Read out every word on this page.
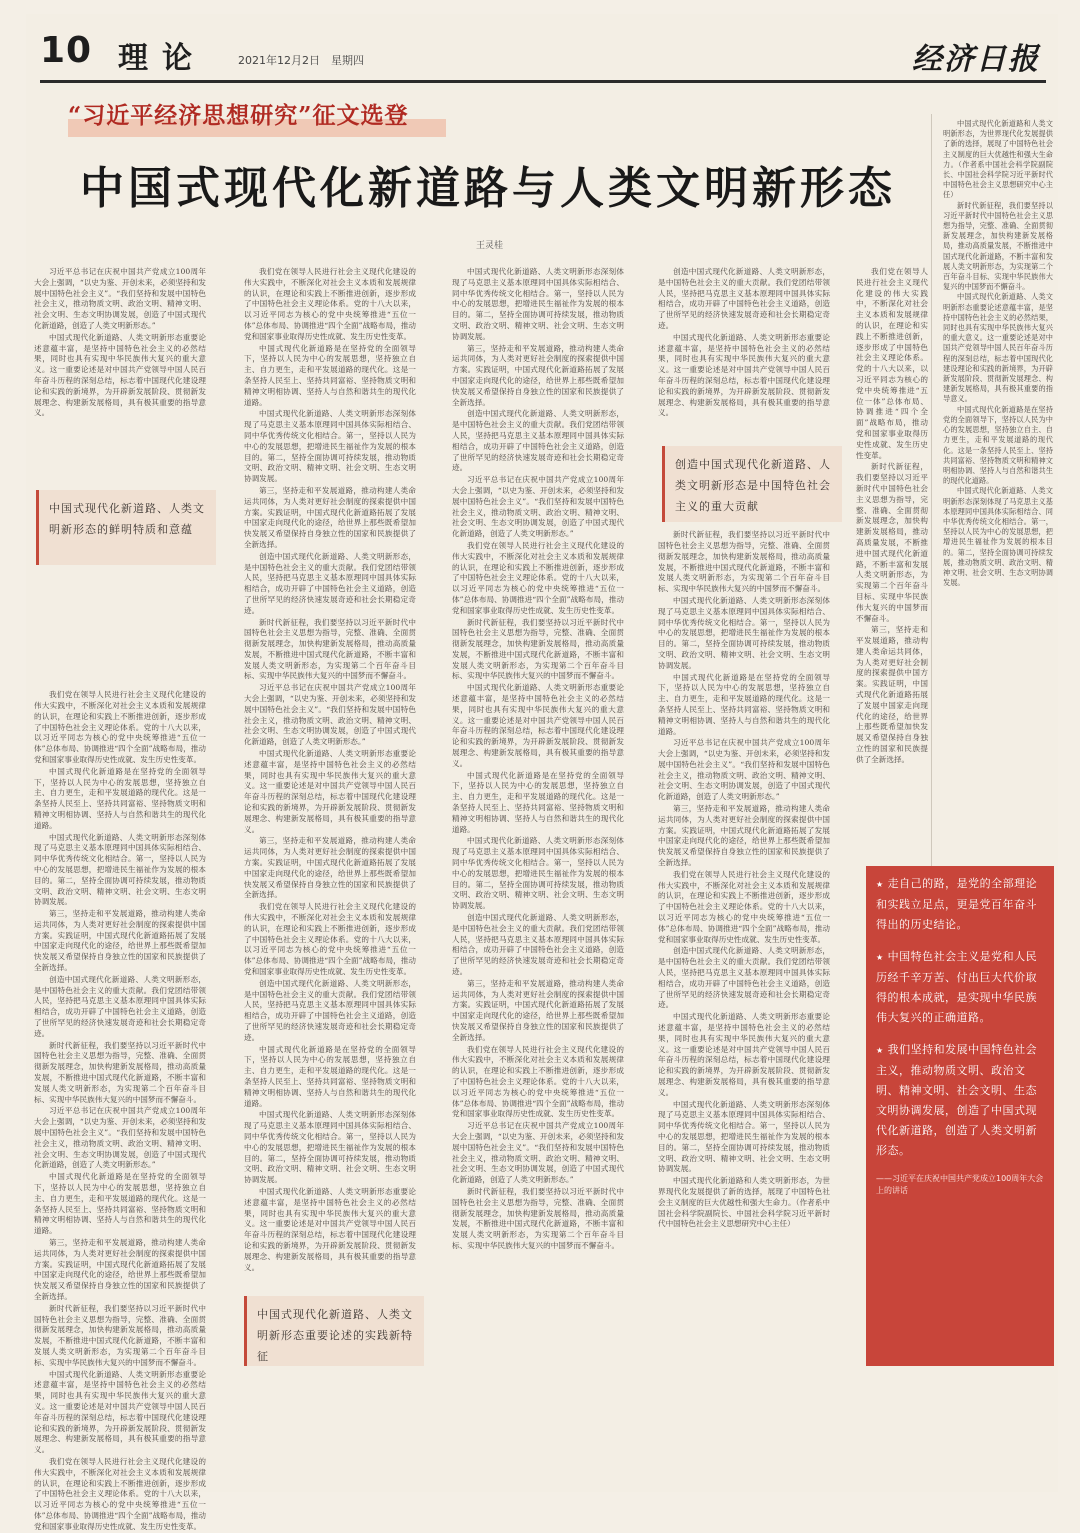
10 理论	2021年12月2日　 星期四	经济日报
“习近平经济思想研究”征文选登
中国式现代化新道路与人类文明新形态
王灵桂

中国式现代化新道路和人类文明新形态，为世界现代化发展提供了新的选择，展现了中国特色社会主义制度的巨大优越性和强大生命力。（作者系中国社会科学院副院长、中国社会科学院习近平新时代中国特色社会主义思想研究中心主任）

新时代新征程，我们要坚持以习近平新时代中国特色社会主义思想为指导，完整、准确、全面贯彻新发展理念，加快构建新发展格局，推动高质量发展，不断推进中国式现代化新道路，不断丰富和发展人类文明新形态，为实现第二个百年奋斗目标、实现中华民族伟大复兴的中国梦而不懈奋斗。

中国式现代化新道路、人类文明新形态重要论述意蕴丰富，是坚持中国特色社会主义的必然结果，同时也具有实现中华民族伟大复兴的重大意义。这一重要论述是对中国共产党领导中国人民百年奋斗历程的深刻总结，标志着中国现代化建设理论和实践的新境界，为开辟新发展阶段、贯彻新发展理念、构建新发展格局，具有极其重要的指导意义。

中国式现代化新道路是在坚持党的全面领导下，坚持以人民为中心的发展思想，坚持独立自主、自力更生，走和平发展道路的现代化。这是一条坚持人民至上、坚持共同富裕、坚持物质文明和精神文明相协调、坚持人与自然和谐共生的现代化道路。

中国式现代化新道路、人类文明新形态深刻体现了马克思主义基本原理同中国具体实际相结合、同中华优秀传统文化相结合。第一，坚持以人民为中心的发展思想，把增进民生福祉作为发展的根本目的。第二，坚持全面协调可持续发展，推动物质文明、政治文明、精神文明、社会文明、生态文明协调发展。

习近平总书记在庆祝中国共产党成立100周年大会上强调，“以史为鉴、开创未来，必须坚持和发展中国特色社会主义”。“我们坚持和发展中国特色社会主义，推动物质文明、政治文明、精神文明、社会文明、生态文明协调发展，创造了中国式现代化新道路，创造了人类文明新形态。”

中国式现代化新道路、人类文明新形态重要论述意蕴丰富，是坚持中国特色社会主义的必然结果，同时也具有实现中华民族伟大复兴的重大意义。这一重要论述是对中国共产党领导中国人民百年奋斗历程的深刻总结，标志着中国现代化建设理论和实践的新境界，为开辟新发展阶段、贯彻新发展理念、构建新发展格局，具有极其重要的指导意义。

我们党在领导人民进行社会主义现代化建设的伟大实践中，不断深化对社会主义本质和发展规律的认识，在理论和实践上不断推进创新，逐步形成了中国特色社会主义理论体系。党的十八大以来，以习近平同志为核心的党中央统筹推进“五位一体”总体布局、协调推进“四个全面”战略布局，推动党和国家事业取得历史性成就、发生历史性变革。

中国式现代化新道路是在坚持党的全面领导下，坚持以人民为中心的发展思想，坚持独立自主、自力更生，走和平发展道路的现代化。这是一条坚持人民至上、坚持共同富裕、坚持物质文明和精神文明相协调、坚持人与自然和谐共生的现代化道路。

中国式现代化新道路、人类文明新形态深刻体现了马克思主义基本原理同中国具体实际相结合、同中华优秀传统文化相结合。第一，坚持以人民为中心的发展思想，把增进民生福祉作为发展的根本目的。第二，坚持全面协调可持续发展，推动物质文明、政治文明、精神文明、社会文明、生态文明协调发展。

第三，坚持走和平发展道路，推动构建人类命运共同体，为人类对更好社会制度的探索提供中国方案。实践证明，中国式现代化新道路拓展了发展中国家走向现代化的途径，给世界上那些既希望加快发展又希望保持自身独立性的国家和民族提供了全新选择。

创造中国式现代化新道路、人类文明新形态，是中国特色社会主义的重大贡献。我们党团结带领人民，坚持把马克思主义基本原理同中国具体实际相结合，成功开辟了中国特色社会主义道路，创造了世所罕见的经济快速发展奇迹和社会长期稳定奇迹。

新时代新征程，我们要坚持以习近平新时代中国特色社会主义思想为指导，完整、准确、全面贯彻新发展理念，加快构建新发展格局，推动高质量发展，不断推进中国式现代化新道路，不断丰富和发展人类文明新形态，为实现第二个百年奋斗目标、实现中华民族伟大复兴的中国梦而不懈奋斗。

习近平总书记在庆祝中国共产党成立100周年大会上强调，“以史为鉴、开创未来，必须坚持和发展中国特色社会主义”。“我们坚持和发展中国特色社会主义，推动物质文明、政治文明、精神文明、社会文明、生态文明协调发展，创造了中国式现代化新道路，创造了人类文明新形态。”

中国式现代化新道路是在坚持党的全面领导下，坚持以人民为中心的发展思想，坚持独立自主、自力更生，走和平发展道路的现代化。这是一条坚持人民至上、坚持共同富裕、坚持物质文明和精神文明相协调、坚持人与自然和谐共生的现代化道路。

第三，坚持走和平发展道路，推动构建人类命运共同体，为人类对更好社会制度的探索提供中国方案。实践证明，中国式现代化新道路拓展了发展中国家走向现代化的途径，给世界上那些既希望加快发展又希望保持自身独立性的国家和民族提供了全新选择。

新时代新征程，我们要坚持以习近平新时代中国特色社会主义思想为指导，完整、准确、全面贯彻新发展理念，加快构建新发展格局，推动高质量发展，不断推进中国式现代化新道路，不断丰富和发展人类文明新形态，为实现第二个百年奋斗目标、实现中华民族伟大复兴的中国梦而不懈奋斗。

中国式现代化新道路、人类文明新形态重要论述意蕴丰富，是坚持中国特色社会主义的必然结果，同时也具有实现中华民族伟大复兴的重大意义。这一重要论述是对中国共产党领导中国人民百年奋斗历程的深刻总结，标志着中国现代化建设理论和实践的新境界，为开辟新发展阶段、贯彻新发展理念、构建新发展格局，具有极其重要的指导意义。

我们党在领导人民进行社会主义现代化建设的伟大实践中，不断深化对社会主义本质和发展规律的认识，在理论和实践上不断推进创新，逐步形成了中国特色社会主义理论体系。党的十八大以来，以习近平同志为核心的党中央统筹推进“五位一体”总体布局、协调推进“四个全面”战略布局，推动党和国家事业取得历史性成就、发生历史性变革。

我们党在领导人民进行社会主义现代化建设的伟大实践中，不断深化对社会主义本质和发展规律的认识，在理论和实践上不断推进创新，逐步形成了中国特色社会主义理论体系。党的十八大以来，以习近平同志为核心的党中央统筹推进“五位一体”总体布局、协调推进“四个全面”战略布局，推动党和国家事业取得历史性成就、发生历史性变革。

中国式现代化新道路是在坚持党的全面领导下，坚持以人民为中心的发展思想，坚持独立自主、自力更生，走和平发展道路的现代化。这是一条坚持人民至上、坚持共同富裕、坚持物质文明和精神文明相协调、坚持人与自然和谐共生的现代化道路。

中国式现代化新道路、人类文明新形态深刻体现了马克思主义基本原理同中国具体实际相结合、同中华优秀传统文化相结合。第一，坚持以人民为中心的发展思想，把增进民生福祉作为发展的根本目的。第二，坚持全面协调可持续发展，推动物质文明、政治文明、精神文明、社会文明、生态文明协调发展。

第三，坚持走和平发展道路，推动构建人类命运共同体，为人类对更好社会制度的探索提供中国方案。实践证明，中国式现代化新道路拓展了发展中国家走向现代化的途径，给世界上那些既希望加快发展又希望保持自身独立性的国家和民族提供了全新选择。

创造中国式现代化新道路、人类文明新形态，是中国特色社会主义的重大贡献。我们党团结带领人民，坚持把马克思主义基本原理同中国具体实际相结合，成功开辟了中国特色社会主义道路，创造了世所罕见的经济快速发展奇迹和社会长期稳定奇迹。

新时代新征程，我们要坚持以习近平新时代中国特色社会主义思想为指导，完整、准确、全面贯彻新发展理念，加快构建新发展格局，推动高质量发展，不断推进中国式现代化新道路，不断丰富和发展人类文明新形态，为实现第二个百年奋斗目标、实现中华民族伟大复兴的中国梦而不懈奋斗。

习近平总书记在庆祝中国共产党成立100周年大会上强调，“以史为鉴、开创未来，必须坚持和发展中国特色社会主义”。“我们坚持和发展中国特色社会主义，推动物质文明、政治文明、精神文明、社会文明、生态文明协调发展，创造了中国式现代化新道路，创造了人类文明新形态。”

中国式现代化新道路、人类文明新形态重要论述意蕴丰富，是坚持中国特色社会主义的必然结果，同时也具有实现中华民族伟大复兴的重大意义。这一重要论述是对中国共产党领导中国人民百年奋斗历程的深刻总结，标志着中国现代化建设理论和实践的新境界，为开辟新发展阶段、贯彻新发展理念、构建新发展格局，具有极其重要的指导意义。

第三，坚持走和平发展道路，推动构建人类命运共同体，为人类对更好社会制度的探索提供中国方案。实践证明，中国式现代化新道路拓展了发展中国家走向现代化的途径，给世界上那些既希望加快发展又希望保持自身独立性的国家和民族提供了全新选择。

我们党在领导人民进行社会主义现代化建设的伟大实践中，不断深化对社会主义本质和发展规律的认识，在理论和实践上不断推进创新，逐步形成了中国特色社会主义理论体系。党的十八大以来，以习近平同志为核心的党中央统筹推进“五位一体”总体布局、协调推进“四个全面”战略布局，推动党和国家事业取得历史性成就、发生历史性变革。

创造中国式现代化新道路、人类文明新形态，是中国特色社会主义的重大贡献。我们党团结带领人民，坚持把马克思主义基本原理同中国具体实际相结合，成功开辟了中国特色社会主义道路，创造了世所罕见的经济快速发展奇迹和社会长期稳定奇迹。

中国式现代化新道路是在坚持党的全面领导下，坚持以人民为中心的发展思想，坚持独立自主、自力更生，走和平发展道路的现代化。这是一条坚持人民至上、坚持共同富裕、坚持物质文明和精神文明相协调、坚持人与自然和谐共生的现代化道路。

中国式现代化新道路、人类文明新形态深刻体现了马克思主义基本原理同中国具体实际相结合、同中华优秀传统文化相结合。第一，坚持以人民为中心的发展思想，把增进民生福祉作为发展的根本目的。第二，坚持全面协调可持续发展，推动物质文明、政治文明、精神文明、社会文明、生态文明协调发展。

中国式现代化新道路、人类文明新形态重要论述意蕴丰富，是坚持中国特色社会主义的必然结果，同时也具有实现中华民族伟大复兴的重大意义。这一重要论述是对中国共产党领导中国人民百年奋斗历程的深刻总结，标志着中国现代化建设理论和实践的新境界，为开辟新发展阶段、贯彻新发展理念、构建新发展格局，具有极其重要的指导意义。

中国式现代化新道路、人类文明新形态深刻体现了马克思主义基本原理同中国具体实际相结合、同中华优秀传统文化相结合。第一，坚持以人民为中心的发展思想，把增进民生福祉作为发展的根本目的。第二，坚持全面协调可持续发展，推动物质文明、政治文明、精神文明、社会文明、生态文明协调发展。

第三，坚持走和平发展道路，推动构建人类命运共同体，为人类对更好社会制度的探索提供中国方案。实践证明，中国式现代化新道路拓展了发展中国家走向现代化的途径，给世界上那些既希望加快发展又希望保持自身独立性的国家和民族提供了全新选择。

创造中国式现代化新道路、人类文明新形态，是中国特色社会主义的重大贡献。我们党团结带领人民，坚持把马克思主义基本原理同中国具体实际相结合，成功开辟了中国特色社会主义道路，创造了世所罕见的经济快速发展奇迹和社会长期稳定奇迹。

习近平总书记在庆祝中国共产党成立100周年大会上强调，“以史为鉴、开创未来，必须坚持和发展中国特色社会主义”。“我们坚持和发展中国特色社会主义，推动物质文明、政治文明、精神文明、社会文明、生态文明协调发展，创造了中国式现代化新道路，创造了人类文明新形态。”

我们党在领导人民进行社会主义现代化建设的伟大实践中，不断深化对社会主义本质和发展规律的认识，在理论和实践上不断推进创新，逐步形成了中国特色社会主义理论体系。党的十八大以来，以习近平同志为核心的党中央统筹推进“五位一体”总体布局、协调推进“四个全面”战略布局，推动党和国家事业取得历史性成就、发生历史性变革。

新时代新征程，我们要坚持以习近平新时代中国特色社会主义思想为指导，完整、准确、全面贯彻新发展理念，加快构建新发展格局，推动高质量发展，不断推进中国式现代化新道路，不断丰富和发展人类文明新形态，为实现第二个百年奋斗目标、实现中华民族伟大复兴的中国梦而不懈奋斗。

中国式现代化新道路、人类文明新形态重要论述意蕴丰富，是坚持中国特色社会主义的必然结果，同时也具有实现中华民族伟大复兴的重大意义。这一重要论述是对中国共产党领导中国人民百年奋斗历程的深刻总结，标志着中国现代化建设理论和实践的新境界，为开辟新发展阶段、贯彻新发展理念、构建新发展格局，具有极其重要的指导意义。

中国式现代化新道路是在坚持党的全面领导下，坚持以人民为中心的发展思想，坚持独立自主、自力更生，走和平发展道路的现代化。这是一条坚持人民至上、坚持共同富裕、坚持物质文明和精神文明相协调、坚持人与自然和谐共生的现代化道路。

中国式现代化新道路、人类文明新形态深刻体现了马克思主义基本原理同中国具体实际相结合、同中华优秀传统文化相结合。第一，坚持以人民为中心的发展思想，把增进民生福祉作为发展的根本目的。第二，坚持全面协调可持续发展，推动物质文明、政治文明、精神文明、社会文明、生态文明协调发展。

创造中国式现代化新道路、人类文明新形态，是中国特色社会主义的重大贡献。我们党团结带领人民，坚持把马克思主义基本原理同中国具体实际相结合，成功开辟了中国特色社会主义道路，创造了世所罕见的经济快速发展奇迹和社会长期稳定奇迹。

第三，坚持走和平发展道路，推动构建人类命运共同体，为人类对更好社会制度的探索提供中国方案。实践证明，中国式现代化新道路拓展了发展中国家走向现代化的途径，给世界上那些既希望加快发展又希望保持自身独立性的国家和民族提供了全新选择。

我们党在领导人民进行社会主义现代化建设的伟大实践中，不断深化对社会主义本质和发展规律的认识，在理论和实践上不断推进创新，逐步形成了中国特色社会主义理论体系。党的十八大以来，以习近平同志为核心的党中央统筹推进“五位一体”总体布局、协调推进“四个全面”战略布局，推动党和国家事业取得历史性成就、发生历史性变革。

习近平总书记在庆祝中国共产党成立100周年大会上强调，“以史为鉴、开创未来，必须坚持和发展中国特色社会主义”。“我们坚持和发展中国特色社会主义，推动物质文明、政治文明、精神文明、社会文明、生态文明协调发展，创造了中国式现代化新道路，创造了人类文明新形态。”

新时代新征程，我们要坚持以习近平新时代中国特色社会主义思想为指导，完整、准确、全面贯彻新发展理念，加快构建新发展格局，推动高质量发展，不断推进中国式现代化新道路，不断丰富和发展人类文明新形态，为实现第二个百年奋斗目标、实现中华民族伟大复兴的中国梦而不懈奋斗。

创造中国式现代化新道路、人类文明新形态，是中国特色社会主义的重大贡献。我们党团结带领人民，坚持把马克思主义基本原理同中国具体实际相结合，成功开辟了中国特色社会主义道路，创造了世所罕见的经济快速发展奇迹和社会长期稳定奇迹。

中国式现代化新道路、人类文明新形态重要论述意蕴丰富，是坚持中国特色社会主义的必然结果，同时也具有实现中华民族伟大复兴的重大意义。这一重要论述是对中国共产党领导中国人民百年奋斗历程的深刻总结，标志着中国现代化建设理论和实践的新境界，为开辟新发展阶段、贯彻新发展理念、构建新发展格局，具有极其重要的指导意义。

新时代新征程，我们要坚持以习近平新时代中国特色社会主义思想为指导，完整、准确、全面贯彻新发展理念，加快构建新发展格局，推动高质量发展，不断推进中国式现代化新道路，不断丰富和发展人类文明新形态，为实现第二个百年奋斗目标、实现中华民族伟大复兴的中国梦而不懈奋斗。

中国式现代化新道路、人类文明新形态深刻体现了马克思主义基本原理同中国具体实际相结合、同中华优秀传统文化相结合。第一，坚持以人民为中心的发展思想，把增进民生福祉作为发展的根本目的。第二，坚持全面协调可持续发展，推动物质文明、政治文明、精神文明、社会文明、生态文明协调发展。

中国式现代化新道路是在坚持党的全面领导下，坚持以人民为中心的发展思想，坚持独立自主、自力更生，走和平发展道路的现代化。这是一条坚持人民至上、坚持共同富裕、坚持物质文明和精神文明相协调、坚持人与自然和谐共生的现代化道路。

习近平总书记在庆祝中国共产党成立100周年大会上强调，“以史为鉴、开创未来，必须坚持和发展中国特色社会主义”。“我们坚持和发展中国特色社会主义，推动物质文明、政治文明、精神文明、社会文明、生态文明协调发展，创造了中国式现代化新道路，创造了人类文明新形态。”

第三，坚持走和平发展道路，推动构建人类命运共同体，为人类对更好社会制度的探索提供中国方案。实践证明，中国式现代化新道路拓展了发展中国家走向现代化的途径，给世界上那些既希望加快发展又希望保持自身独立性的国家和民族提供了全新选择。

我们党在领导人民进行社会主义现代化建设的伟大实践中，不断深化对社会主义本质和发展规律的认识，在理论和实践上不断推进创新，逐步形成了中国特色社会主义理论体系。党的十八大以来，以习近平同志为核心的党中央统筹推进“五位一体”总体布局、协调推进“四个全面”战略布局，推动党和国家事业取得历史性成就、发生历史性变革。

创造中国式现代化新道路、人类文明新形态，是中国特色社会主义的重大贡献。我们党团结带领人民，坚持把马克思主义基本原理同中国具体实际相结合，成功开辟了中国特色社会主义道路，创造了世所罕见的经济快速发展奇迹和社会长期稳定奇迹。

中国式现代化新道路、人类文明新形态重要论述意蕴丰富，是坚持中国特色社会主义的必然结果，同时也具有实现中华民族伟大复兴的重大意义。这一重要论述是对中国共产党领导中国人民百年奋斗历程的深刻总结，标志着中国现代化建设理论和实践的新境界，为开辟新发展阶段、贯彻新发展理念、构建新发展格局，具有极其重要的指导意义。

中国式现代化新道路、人类文明新形态深刻体现了马克思主义基本原理同中国具体实际相结合、同中华优秀传统文化相结合。第一，坚持以人民为中心的发展思想，把增进民生福祉作为发展的根本目的。第二，坚持全面协调可持续发展，推动物质文明、政治文明、精神文明、社会文明、生态文明协调发展。

中国式现代化新道路和人类文明新形态，为世界现代化发展提供了新的选择，展现了中国特色社会主义制度的巨大优越性和强大生命力。（作者系中国社会科学院副院长、中国社会科学院习近平新时代中国特色社会主义思想研究中心主任）

我们党在领导人民进行社会主义现代化建设的伟大实践中，不断深化对社会主义本质和发展规律的认识，在理论和实践上不断推进创新，逐步形成了中国特色社会主义理论体系。党的十八大以来，以习近平同志为核心的党中央统筹推进“五位一体”总体布局、协调推进“四个全面”战略布局，推动党和国家事业取得历史性成就、发生历史性变革。

新时代新征程，我们要坚持以习近平新时代中国特色社会主义思想为指导，完整、准确、全面贯彻新发展理念，加快构建新发展格局，推动高质量发展，不断推进中国式现代化新道路，不断丰富和发展人类文明新形态，为实现第二个百年奋斗目标、实现中华民族伟大复兴的中国梦而不懈奋斗。

第三，坚持走和平发展道路，推动构建人类命运共同体，为人类对更好社会制度的探索提供中国方案。实践证明，中国式现代化新道路拓展了发展中国家走向现代化的途径，给世界上那些既希望加快发展又希望保持自身独立性的国家和民族提供了全新选择。

中国式现代化新道路、人类文明新形态的鲜明特质和意蕴
中国式现代化新道路、人类文明新形态重要论述的实践新特征
创造中国式现代化新道路、人类文明新形态是中国特色社会主义的重大贡献
★ 走自己的路，是党的全部理论和实践立足点，更是党百年奋斗得出的历史结论。
★ 中国特色社会主义是党和人民历经千辛万苦、付出巨大代价取得的根本成就，是实现中华民族伟大复兴的正确道路。
★ 我们坚持和发展中国特色社会主义，推动物质文明、政治文明、精神文明、社会文明、生态文明协调发展，创造了中国式现代化新道路，创造了人类文明新形态。
——习近平在庆祝中国共产党成立100周年大会上的讲话
